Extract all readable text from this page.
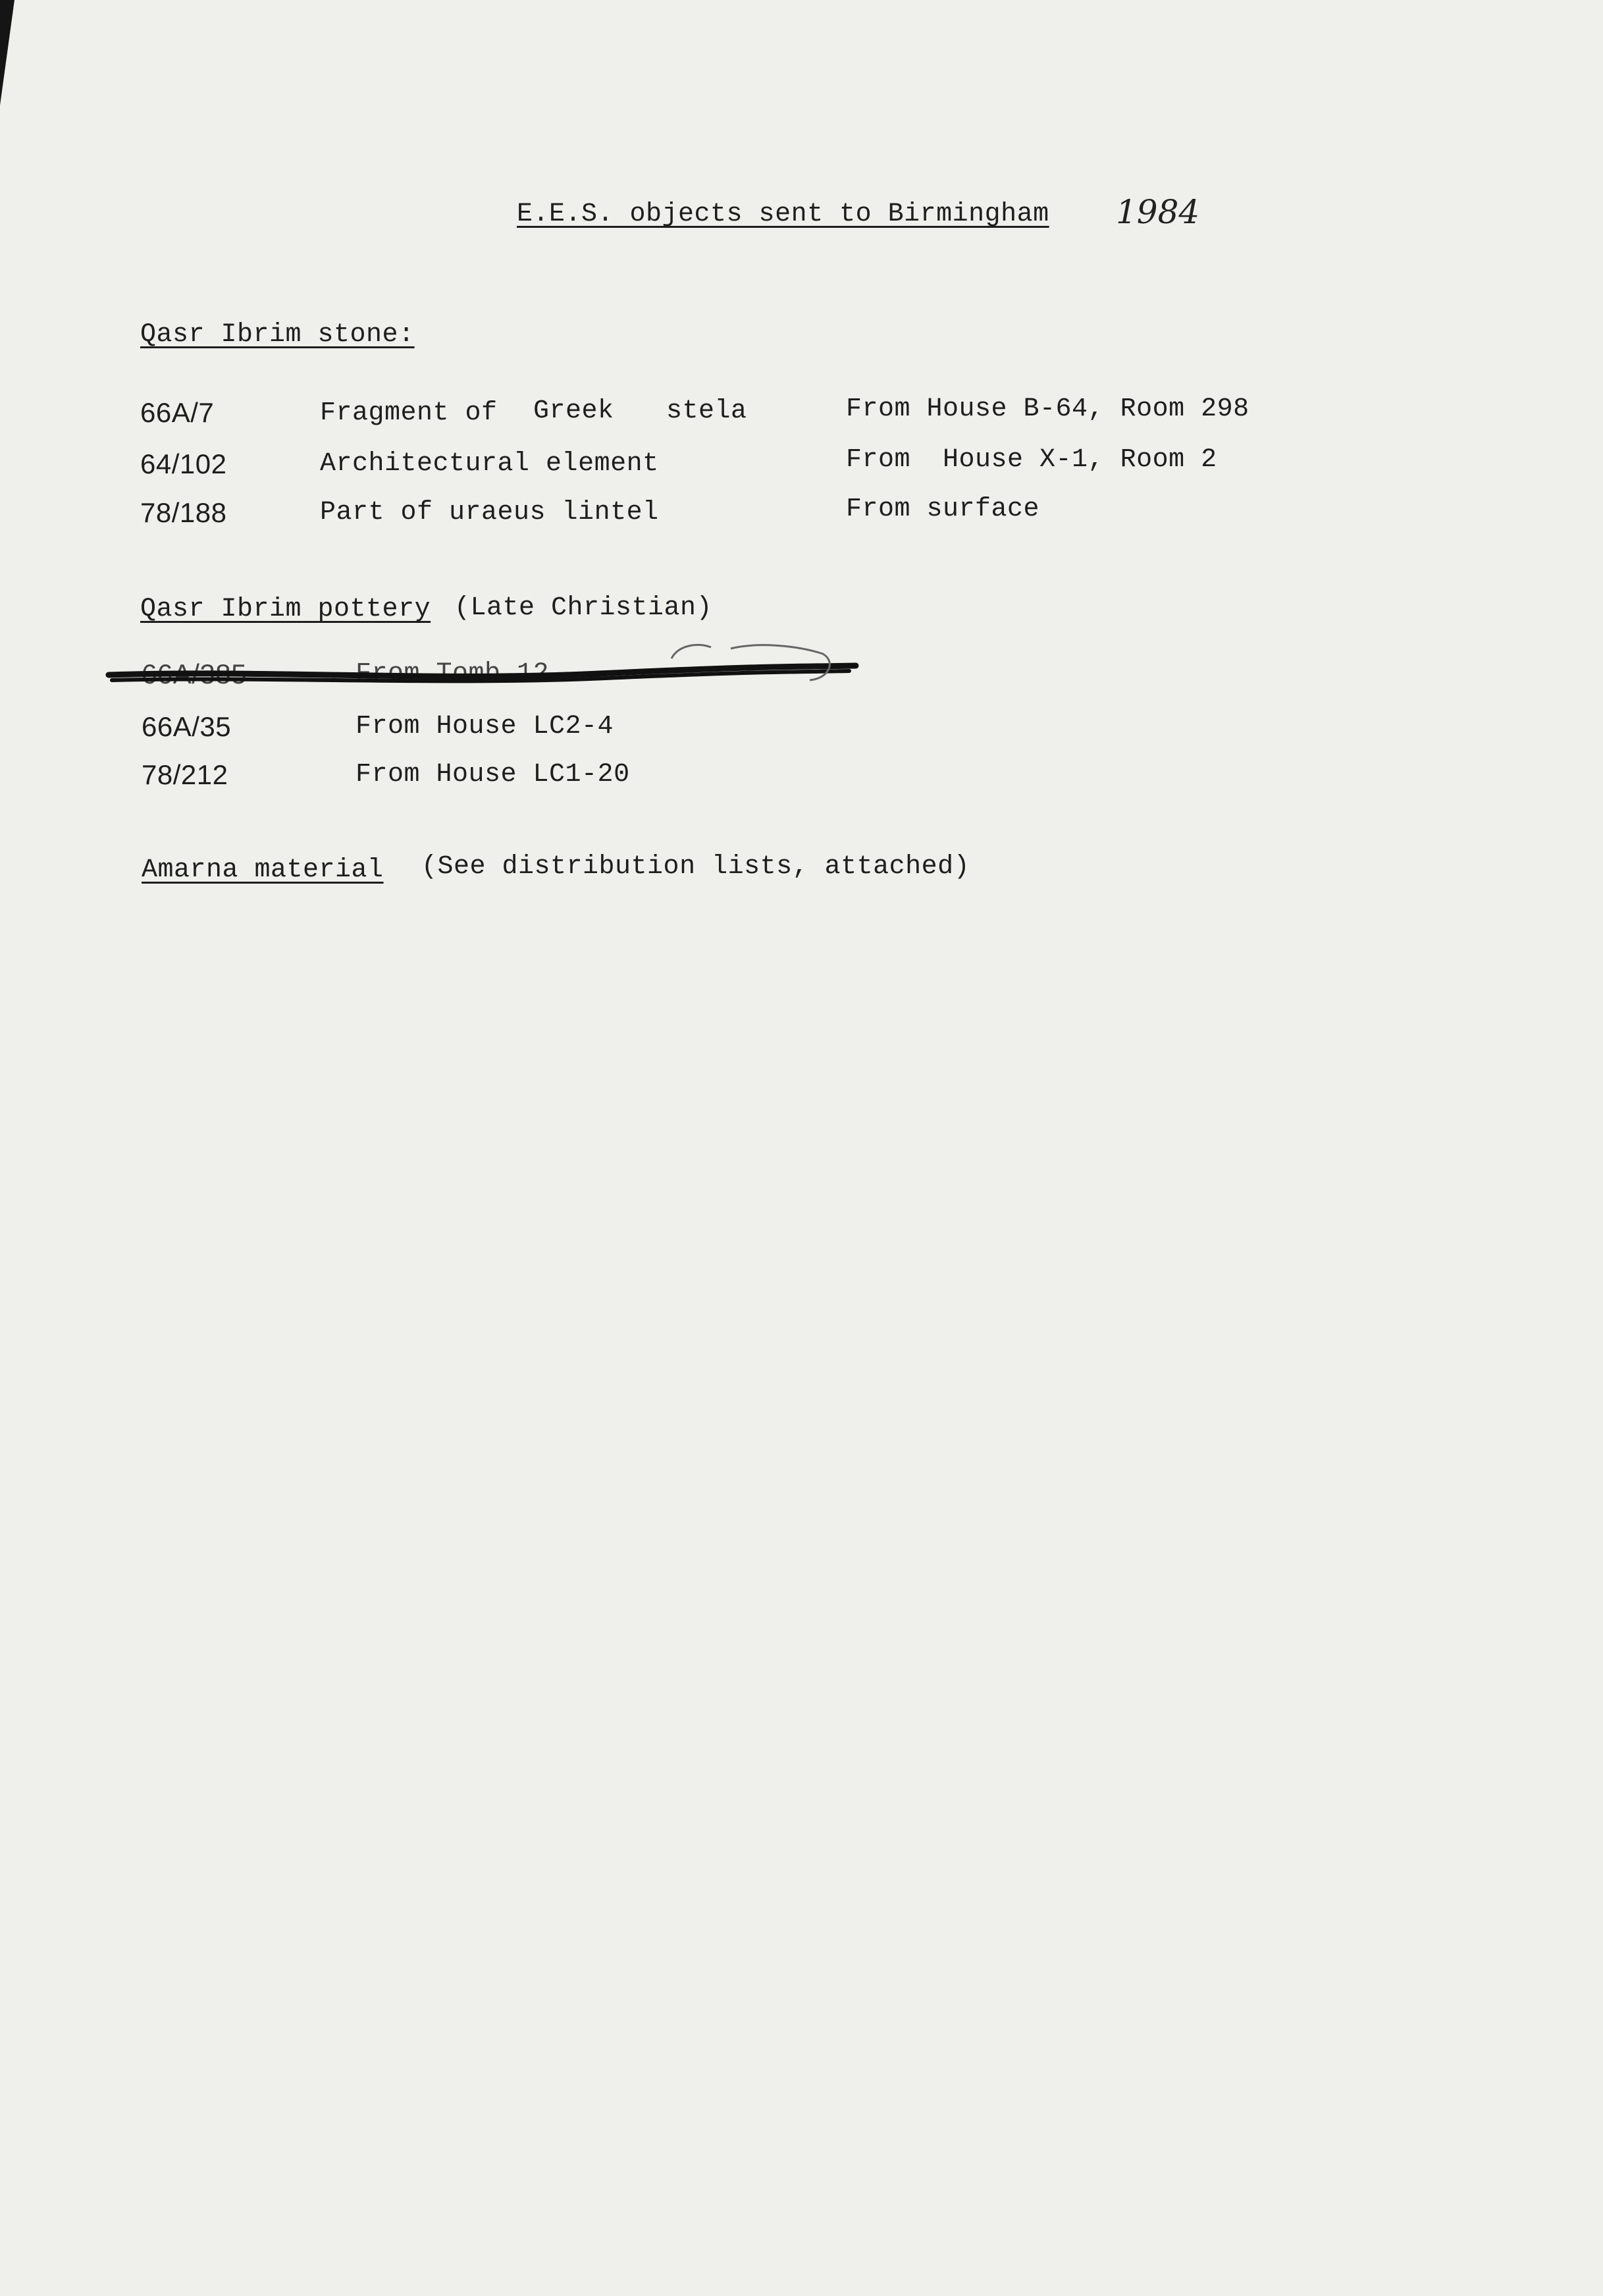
E.E.S. objects sent to Birmingham 1984
Qasr Ibrim stone:
66A/7	Fragment of Greek stela	From House B-64, Room 298
64/102	Architectural element	From  House X-1, Room 2
78/188	Part of uraeus lintel	From surface
Qasr Ibrim pottery (Late Christian)
66A/385	From Tomb 12
66A/35	From House LC2-4
78/212	From House LC1-20
Amarna material (See distribution lists, attached)
